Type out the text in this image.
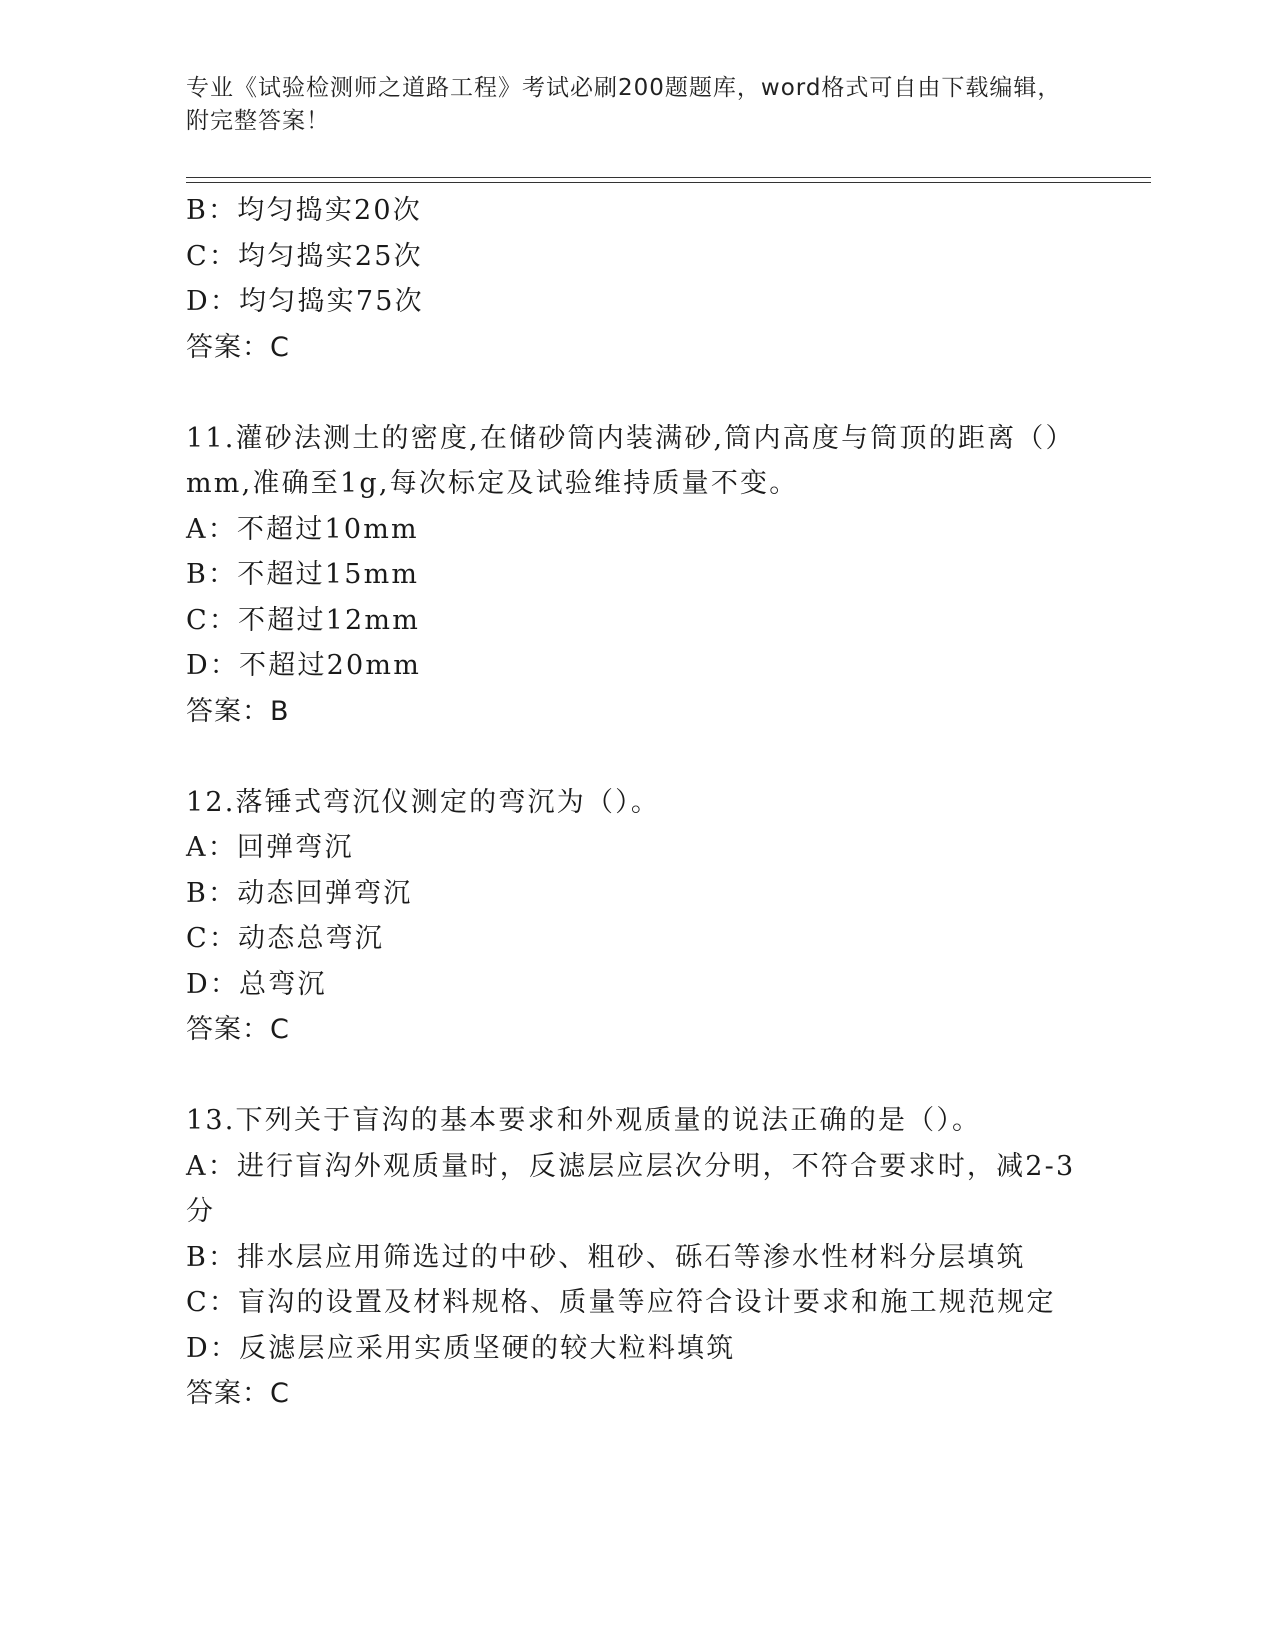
专业《试验检测师之道路工程》考试必刷200题题库，word格式可自由下载编辑，附完整答案！
B：均匀捣实20次
C：均匀捣实25次
D：均匀捣实75次
答案：C
11.灌砂法测土的密度,在储砂筒内装满砂,筒内高度与筒顶的距离（）mm,准确至1g,每次标定及试验维持质量不变。
A：不超过10mm
B：不超过15mm
C：不超过12mm
D：不超过20mm
答案：B
12.落锤式弯沉仪测定的弯沉为（）。
A：回弹弯沉
B：动态回弹弯沉
C：动态总弯沉
D：总弯沉
答案：C
13.下列关于盲沟的基本要求和外观质量的说法正确的是（）。
A：进行盲沟外观质量时，反滤层应层次分明，不符合要求时，减2-3分
B：排水层应用筛选过的中砂、粗砂、砾石等渗水性材料分层填筑
C：盲沟的设置及材料规格、质量等应符合设计要求和施工规范规定
D：反滤层应采用实质坚硬的较大粒料填筑
答案：C
